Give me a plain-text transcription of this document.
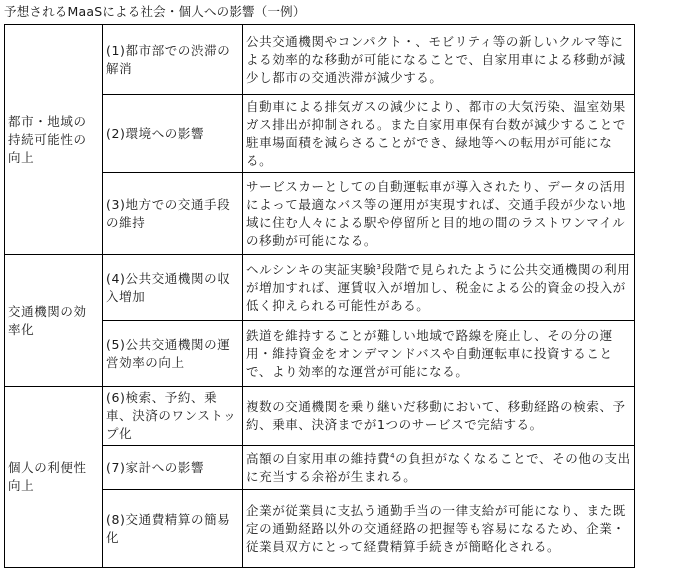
予想されるMaaSによる社会・個人への影響（一例）
都市・地域の持続可能性の向上	(1)都市部での渋滞の解消	公共交通機関やコンパクト・、モビリティ等の新しいクルマ等による効率的な移動が可能になることで、自家用車による移動が減少し都市の交通渋滞が減少する。
	(2)環境への影響	自動車による排気ガスの減少により、都市の大気汚染、温室効果ガス排出が抑制される。また自家用車保有台数が減少することで駐車場面積を減らさることができ、緑地等への転用が可能になる。
	(3)地方での交通手段の維持	サービスカーとしての自動運転車が導入されたり、データの活用によって最適なバス等の運用が実現すれば、交通手段が少ない地域に住む人々による駅や停留所と目的地の間のラストワンマイルの移動が可能になる。
交通機関の効率化	(4)公共交通機関の収入増加	ヘルシンキの実証実験$^3$段階で見られたように公共交通機関の利用が増加すれば、運賃収入が増加し、税金による公的資金の投入が低く抑えられる可能性がある。
	(5)公共交通機関の運営効率の向上	鉄道を維持することが難しい地域で路線を廃止し、その分の運用・維持資金をオンデマンドバスや自動運転車に投資することで、より効率的な運営が可能になる。
個人の利便性向上	(6)検索、予約、乗車、決済のワンストップ化	複数の交通機関を乗り継いだ移動において、移動経路の検索、予約、乗車、決済までが1つのサービスで完結する。
	(7)家計への影響	高額の自家用車の維持費$^4$の負担がなくなることで、その他の支出に充当する余裕が生まれる。
	(8)交通費精算の簡易化	企業が従業員に支払う通勤手当の一律支給が可能になり、また既定の通勤経路以外の交通経路の把握等も容易になるため、企業・従業員双方にとって経費精算手続きが簡略化される。
